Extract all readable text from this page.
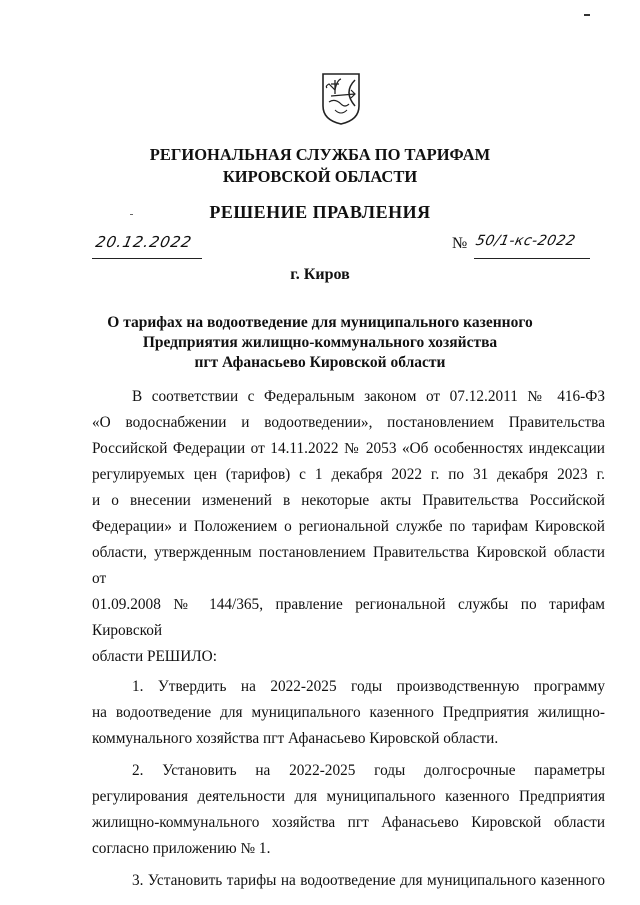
РЕГИОНАЛЬНАЯ СЛУЖБА ПО ТАРИФАМ
КИРОВСКОЙ ОБЛАСТИ
РЕШЕНИЕ ПРАВЛЕНИЯ
20.12.2022	№ 50/1-кс-2022
г. Киров
О тарифах на водоотведение для муниципального казенного
Предприятия жилищно-коммунального хозяйства
пгт Афанасьево Кировской области
В соответствии с Федеральным законом от 07.12.2011 № 416-ФЗ
«О водоснабжении и водоотведении», постановлением Правительства
Российской Федерации от 14.11.2022 № 2053 «Об особенностях индексации
регулируемых цен (тарифов) с 1 декабря 2022 г. по 31 декабря 2023 г.
и о внесении изменений в некоторые акты Правительства Российской
Федерации» и Положением о региональной службе по тарифам Кировской
области, утвержденным постановлением Правительства Кировской области от
01.09.2008 № 144/365, правление региональной службы по тарифам Кировской
области РЕШИЛО:
1. Утвердить на 2022-2025 годы производственную программу
на водоотведение для муниципального казенного Предприятия жилищно-
коммунального хозяйства пгт Афанасьево Кировской области.
2. Установить на 2022-2025 годы долгосрочные параметры
регулирования деятельности для муниципального казенного Предприятия
жилищно-коммунального хозяйства пгт Афанасьево Кировской области
согласно приложению № 1.
3. Установить тарифы на водоотведение для муниципального казенного
